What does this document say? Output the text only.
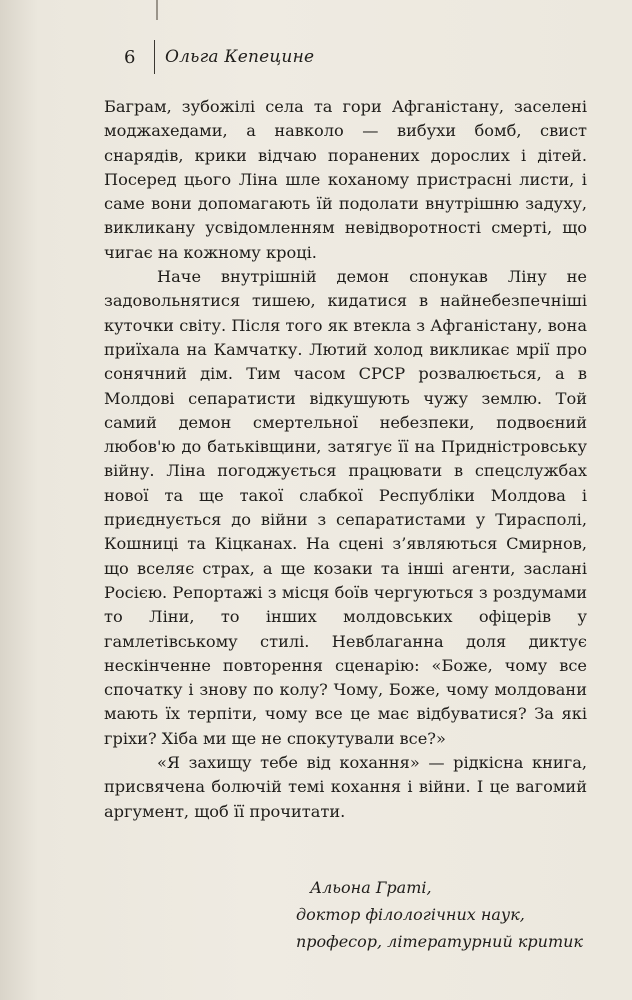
6	Ольга Кепецине

Баграм, зубожілі села та гори Афганістану, заселені моджахедами, а навколо — вибухи бомб, свист снарядів, крики відчаю поранених дорослих і дітей. Посеред цього Ліна шле коханому пристрасні листи, і саме вони допомагають їй подолати внутрішню задуху, викликану усвідомленням невідворотності смерті, що чигає на кожному кроці.

Наче внутрішній демон спонукав Ліну не задовольнятися тишею, кидатися в найнебезпечніші куточки світу. Після того як втекла з Афганістану, вона приїхала на Камчатку. Лютий холод викликає мрії про сонячний дім. Тим часом СРСР розвалюється, а в Молдові сепаратисти відкушують чужу землю. Той самий демон смертельної небезпеки, подвоєний любов'ю до батьківщини, затягує її на Придністровську війну. Ліна погоджується працювати в спецслужбах нової та ще такої слабкої Республіки Молдова і приєднується до війни з сепаратистами у Тирасполі, Кошниці та Кіцканах. На сцені з’являються Смирнов, що вселяє страх, а ще козаки та інші агенти, заслані Росією. Репортажі з місця боїв чергуються з роздумами то Ліни, то інших молдовських офіцерів у гамлетівському стилі. Невблаганна доля диктує нескінченне повторення сценарію: «Боже, чому все спочатку і знову по колу? Чому, Боже, чому молдовани мають їх терпіти, чому все це має відбуватися? За які гріхи? Хіба ми ще не спокутували все?»

«Я захищу тебе від кохання» — рідкісна книга, присвячена болючій темі кохання і війни. І це вагомий аргумент, щоб її прочитати.

Альона Граті,
доктор філологічних наук,
професор, літературний критик
